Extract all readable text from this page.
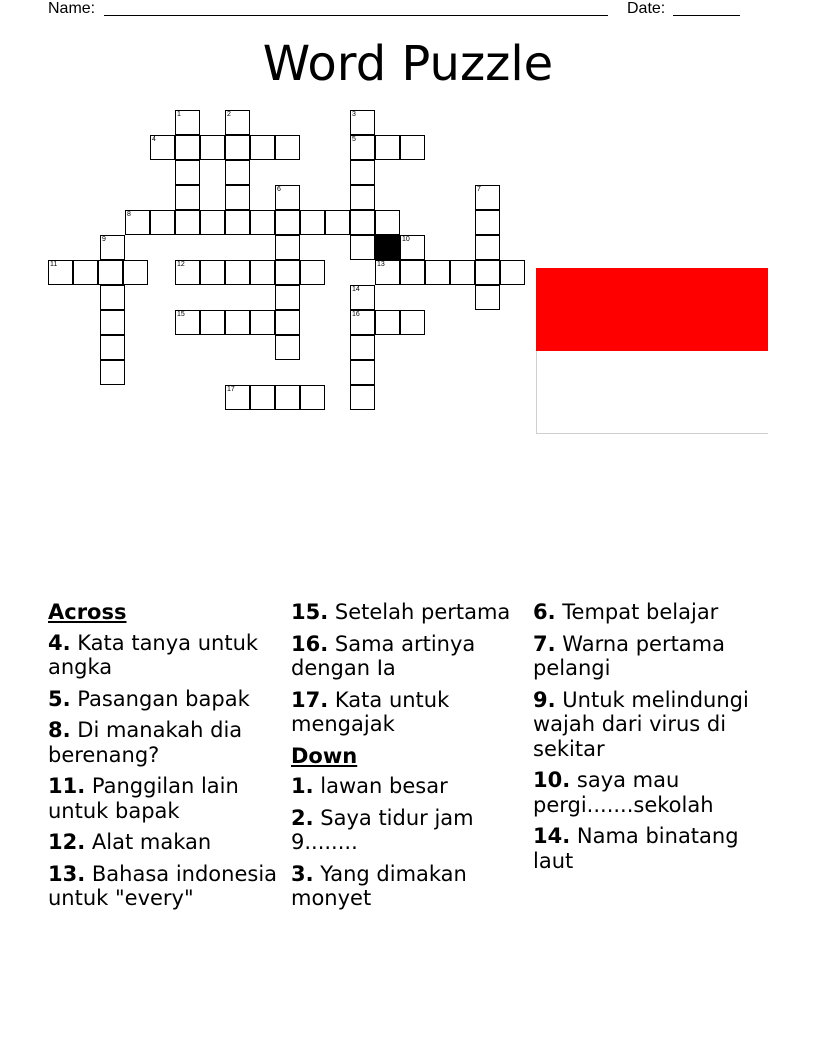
Name:	Date:
Word Puzzle
1	2	3
4	5
6	7
8
9	10
11	12	13
14
15	16
17
Across
4. Kata tanya untuk angka
5. Pasangan bapak
8. Di manakah dia berenang?
11. Panggilan lain untuk bapak
12. Alat makan
13. Bahasa indonesia untuk "every"
15. Setelah pertama
16. Sama artinya dengan Ia
17. Kata untuk mengajak
Down
1. lawan besar
2. Saya tidur jam 9........
3. Yang dimakan monyet
6. Tempat belajar
7. Warna pertama pelangi
9. Untuk melindungi wajah dari virus di sekitar
10. saya mau pergi.......sekolah
14. Nama binatang laut
